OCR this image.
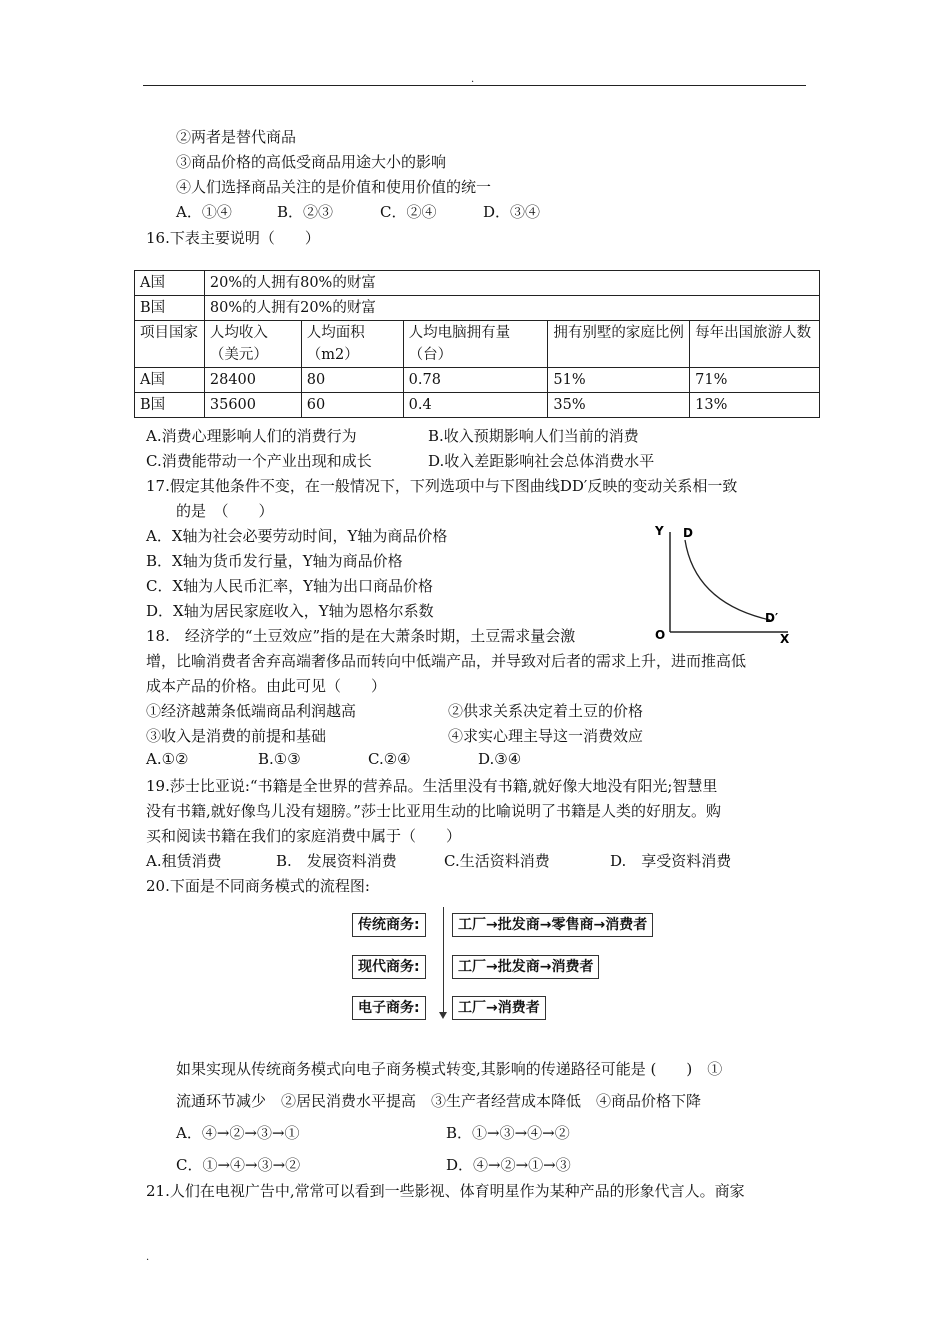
.
②两者是替代商品
③商品价格的高低受商品用途大小的影响
④人们选择商品关注的是价值和使用价值的统一
A．①④	B．②③	C．②④	D．③④
16.下表主要说明（　　）
A国	20%的人拥有80%的财富				
B国	80%的人拥有20%的财富				
项目国家	人均收入（美元）	人均面积（m2）	人均电脑拥有量（台）	拥有别墅的家庭比例	每年出国旅游人数
A国	28400	80	0.78	51%	71%
B国	35600	60	0.4	35%	13%
A.消费心理影响人们的消费行为	B.收入预期影响人们当前的消费
C.消费能带动一个产业出现和成长	D.收入差距影响社会总体消费水平
17.假定其他条件不变，在一般情况下，下列选项中与下图曲线DD′反映的变动关系相一致
的是　（　　）
A．X轴为社会必要劳动时间，Y轴为商品价格
B．X轴为货币发行量，Y轴为商品价格
C．X轴为人民币汇率，Y轴为出口商品价格
D．X轴为居民家庭收入，Y轴为恩格尔系数
Y D
D′
O	X
18.　经济学的“土豆效应”指的是在大萧条时期，土豆需求量会激
增，比喻消费者舍弃高端奢侈品而转向中低端产品，并导致对后者的需求上升，进而推高低
成本产品的价格。由此可见（　　）
①经济越萧条低端商品利润越高	②供求关系决定着土豆的价格
③收入是消费的前提和基础	④求实心理主导这一消费效应
A.①②	B.①③	C.②④	D.③④
19.莎士比亚说:“书籍是全世界的营养品。生活里没有书籍,就好像大地没有阳光;智慧里
没有书籍,就好像鸟儿没有翅膀。”莎士比亚用生动的比喻说明了书籍是人类的好朋友。购
买和阅读书籍在我们的家庭消费中属于（　　）
A.租赁消费	B.　发展资料消费	C.生活资料消费	D.　享受资料消费
20.下面是不同商务模式的流程图:
传统商务:	工厂→批发商→零售商→消费者
现代商务:	工厂→批发商→消费者
电子商务:	工厂→消费者
如果实现从传统商务模式向电子商务模式转变,其影响的传递路径可能是 (　　)　①
流通环节减少　②居民消费水平提高　③生产者经营成本降低　④商品价格下降
A．④→②→③→①	B．①→③→④→②
C．①→④→③→②	D．④→②→①→③
21.人们在电视广告中,常常可以看到一些影视、体育明星作为某种产品的形象代言人。商家
.
